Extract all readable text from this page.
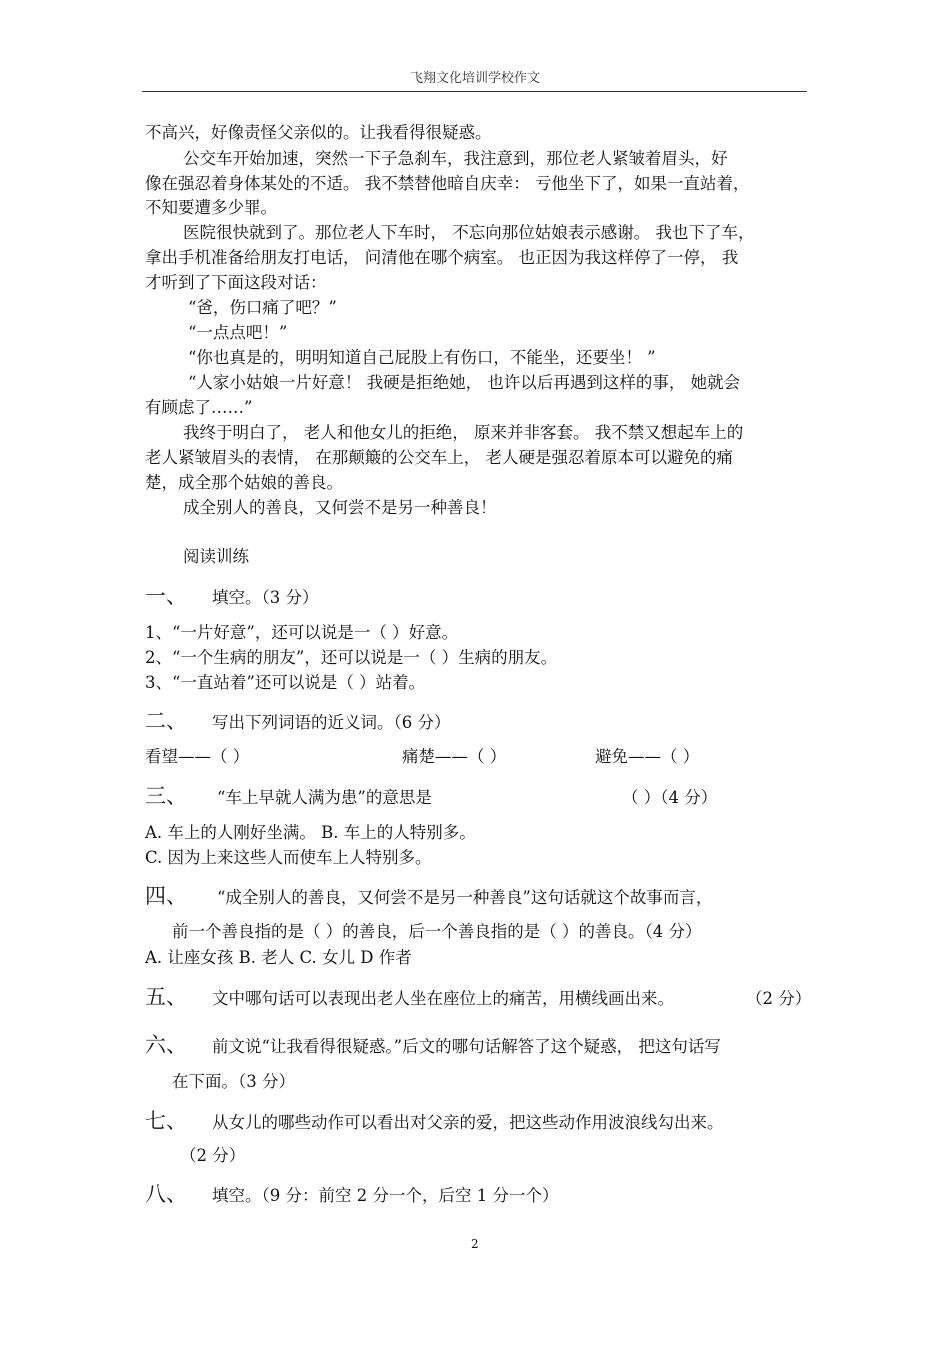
飞翔文化培训学校作文
不高兴，好像责怪父亲似的。让我看得很疑惑。
公交车开始加速，突然一下子急刹车，我注意到，那位老人紧皱着眉头，好
像在强忍着身体某处的不适。 我不禁替他暗自庆幸： 亏他坐下了，如果一直站着，
不知要遭多少罪。
医院很快就到了。那位老人下车时， 不忘向那位姑娘表示感谢。 我也下了车，
拿出手机准备给朋友打电话， 问清他在哪个病室。 也正因为我这样停了一停， 我
才听到了下面这段对话：
“爸，伤口痛了吧？”
“一点点吧！”
“你也真是的，明明知道自己屁股上有伤口，不能坐，还要坐！ ”
“人家小姑娘一片好意！ 我硬是拒绝她， 也许以后再遇到这样的事， 她就会
有顾虑了……”
我终于明白了， 老人和他女儿的拒绝， 原来并非客套。 我不禁又想起车上的
老人紧皱眉头的表情， 在那颠簸的公交车上， 老人硬是强忍着原本可以避免的痛
楚，成全那个姑娘的善良。
成全别人的善良，又何尝不是另一种善良！
阅读训练
一、 填空。（3 分）
1、“一片好意”，还可以说是一（ ）好意。
2、“一个生病的朋友”，还可以说是一（ ）生病的朋友。
3、“一直站着”还可以说是（ ）站着。
二、 写出下列词语的近义词。（6 分）
看望——（ ）	痛楚——（ ）	避免——（ ）
三、 “车上早就人满为患”的意思是	（ ）（4 分）
A. 车上的人刚好坐满。 B. 车上的人特别多。
C. 因为上来这些人而使车上人特别多。
四、 “成全别人的善良，又何尝不是另一种善良”这句话就这个故事而言，
前一个善良指的是（ ）的善良，后一个善良指的是（ ）的善良。（4 分）
A. 让座女孩 B. 老人 C. 女儿 D 作者
五、 文中哪句话可以表现出老人坐在座位上的痛苦，用横线画出来。	（2 分）
六、 前文说“让我看得很疑惑。”后文的哪句话解答了这个疑惑， 把这句话写
在下面。（3 分）
七、 从女儿的哪些动作可以看出对父亲的爱，把这些动作用波浪线勾出来。
（2 分）
八、 填空。（9 分：前空 2 分一个，后空 1 分一个）
2
